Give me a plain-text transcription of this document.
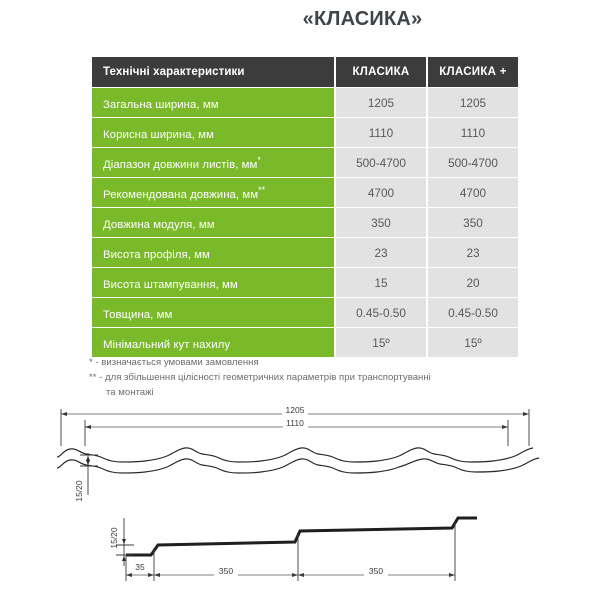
«КЛАСИКА»
Технічні характеристики	КЛАСИКА	КЛАСИКА +
Загальна ширина, мм	1205	1205
Корисна ширина, мм	1110	1110
Діапазон довжини листів, мм*	500-4700	500-4700
Рекомендована довжина, мм**	4700	4700
Довжина модуля, мм	350	350
Висота профіля, мм	23	23
Висота штампування, мм	15	20
Товщина, мм	0.45-0.50	0.45-0.50
Мінімальний кут нахилу	15º	15º
* - визначається умовами замовлення
** - для збільшення цілісності геометричних параметрів при транспортуванні
та монтажі
1205
1110
15/20
15/20
35	350	350
